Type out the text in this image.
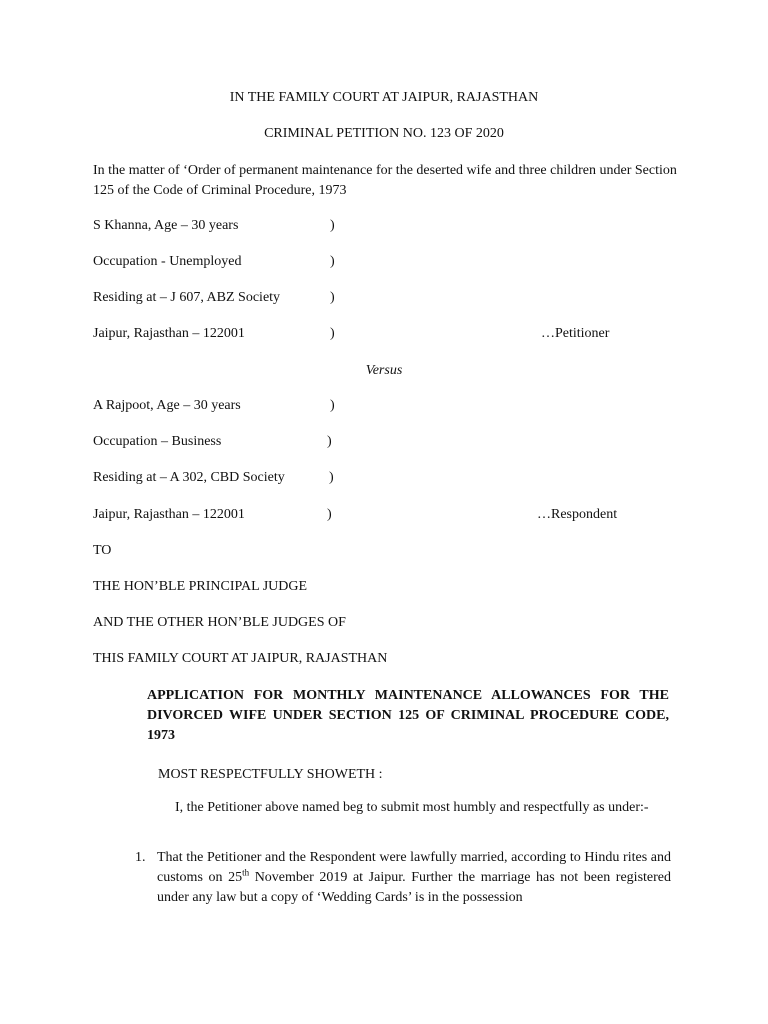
IN THE FAMILY COURT AT JAIPUR, RAJASTHAN
CRIMINAL PETITION NO. 123 OF 2020
In the matter of ‘Order of permanent maintenance for the deserted wife and three children under Section 125 of the Code of Criminal Procedure, 1973
S Khanna, Age – 30 years	)
Occupation - Unemployed	)
Residing at – J 607, ABZ Society	)
Jaipur, Rajasthan – 122001	)	…Petitioner
Versus
A Rajpoot, Age – 30 years	)
Occupation – Business	)
Residing at – A 302, CBD Society	)
Jaipur, Rajasthan – 122001	)	…Respondent
TO
THE HON’BLE PRINCIPAL JUDGE
AND THE OTHER HON’BLE JUDGES OF
THIS FAMILY COURT AT JAIPUR, RAJASTHAN
APPLICATION FOR MONTHLY MAINTENANCE ALLOWANCES FOR THE DIVORCED WIFE UNDER SECTION 125 OF CRIMINAL PROCEDURE CODE, 1973
MOST RESPECTFULLY SHOWETH :
I, the Petitioner above named beg to submit most humbly and respectfully as under:-
1. That the Petitioner and the Respondent were lawfully married, according to Hindu rites and customs on 25th November 2019 at Jaipur. Further the marriage has not been registered under any law but a copy of ‘Wedding Cards’ is in the possession
